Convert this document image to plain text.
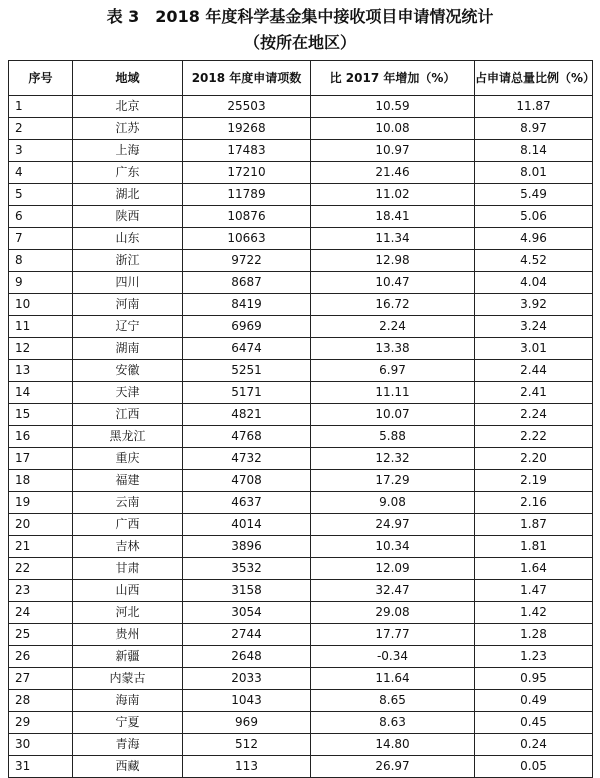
表 3　2018 年度科学基金集中接收项目申请情况统计
（按所在地区）
序号	地域	2018 年度申请项数	比 2017 年增加（%）	占申请总量比例（%）
1	北京	25503	10.59	11.87
2	江苏	19268	10.08	8.97
3	上海	17483	10.97	8.14
4	广东	17210	21.46	8.01
5	湖北	11789	11.02	5.49
6	陕西	10876	18.41	5.06
7	山东	10663	11.34	4.96
8	浙江	9722	12.98	4.52
9	四川	8687	10.47	4.04
10	河南	8419	16.72	3.92
11	辽宁	6969	2.24	3.24
12	湖南	6474	13.38	3.01
13	安徽	5251	6.97	2.44
14	天津	5171	11.11	2.41
15	江西	4821	10.07	2.24
16	黑龙江	4768	5.88	2.22
17	重庆	4732	12.32	2.20
18	福建	4708	17.29	2.19
19	云南	4637	9.08	2.16
20	广西	4014	24.97	1.87
21	吉林	3896	10.34	1.81
22	甘肃	3532	12.09	1.64
23	山西	3158	32.47	1.47
24	河北	3054	29.08	1.42
25	贵州	2744	17.77	1.28
26	新疆	2648	-0.34	1.23
27	内蒙古	2033	11.64	0.95
28	海南	1043	8.65	0.49
29	宁夏	969	8.63	0.45
30	青海	512	14.80	0.24
31	西藏	113	26.97	0.05
